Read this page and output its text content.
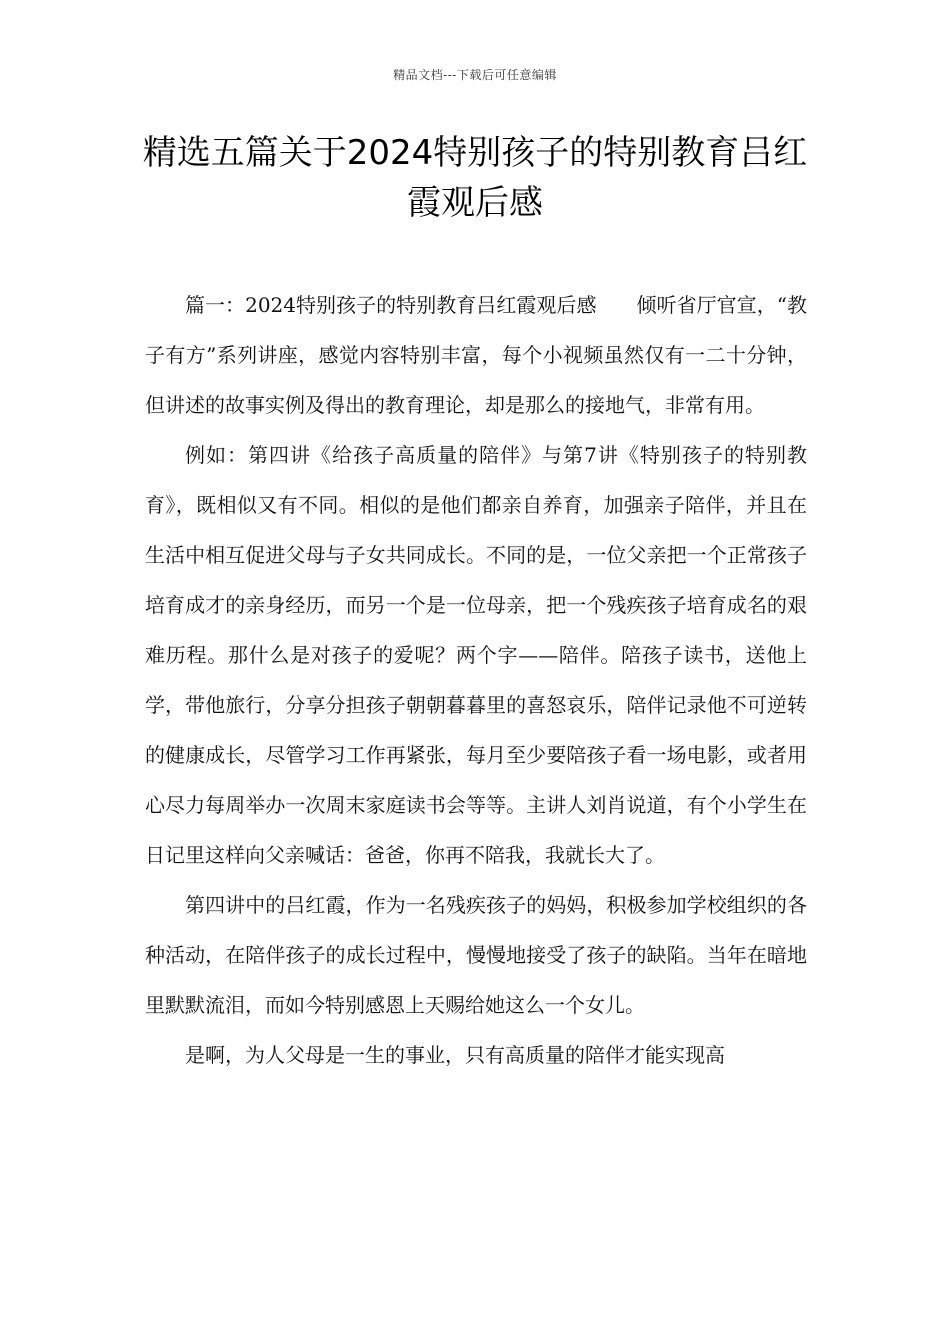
精品文档---下载后可任意编辑
精选五篇关于2024特别孩子的特别教育吕红霞观后感

篇一：2024特别孩子的特别教育吕红霞观后感　　倾听省厅官宣，“教子有方”系列讲座，感觉内容特别丰富，每个小视频虽然仅有一二十分钟，但讲述的故事实例及得出的教育理论，却是那么的接地气，非常有用。

例如：第四讲《给孩子高质量的陪伴》与第7讲《特别孩子的特别教育》，既相似又有不同。相似的是他们都亲自养育，加强亲子陪伴，并且在生活中相互促进父母与子女共同成长。不同的是，一位父亲把一个正常孩子培育成才的亲身经历，而另一个是一位母亲，把一个残疾孩子培育成名的艰难历程。那什么是对孩子的爱呢？两个字——陪伴。陪孩子读书，送他上学，带他旅行，分享分担孩子朝朝暮暮里的喜怒哀乐，陪伴记录他不可逆转的健康成长，尽管学习工作再紧张，每月至少要陪孩子看一场电影，或者用心尽力每周举办一次周末家庭读书会等等。主讲人刘肖说道，有个小学生在日记里这样向父亲喊话：爸爸，你再不陪我，我就长大了。

第四讲中的吕红霞，作为一名残疾孩子的妈妈，积极参加学校组织的各种活动，在陪伴孩子的成长过程中，慢慢地接受了孩子的缺陷。当年在暗地里默默流泪，而如今特别感恩上天赐给她这么一个女儿。

是啊，为人父母是一生的事业，只有高质量的陪伴才能实现高
